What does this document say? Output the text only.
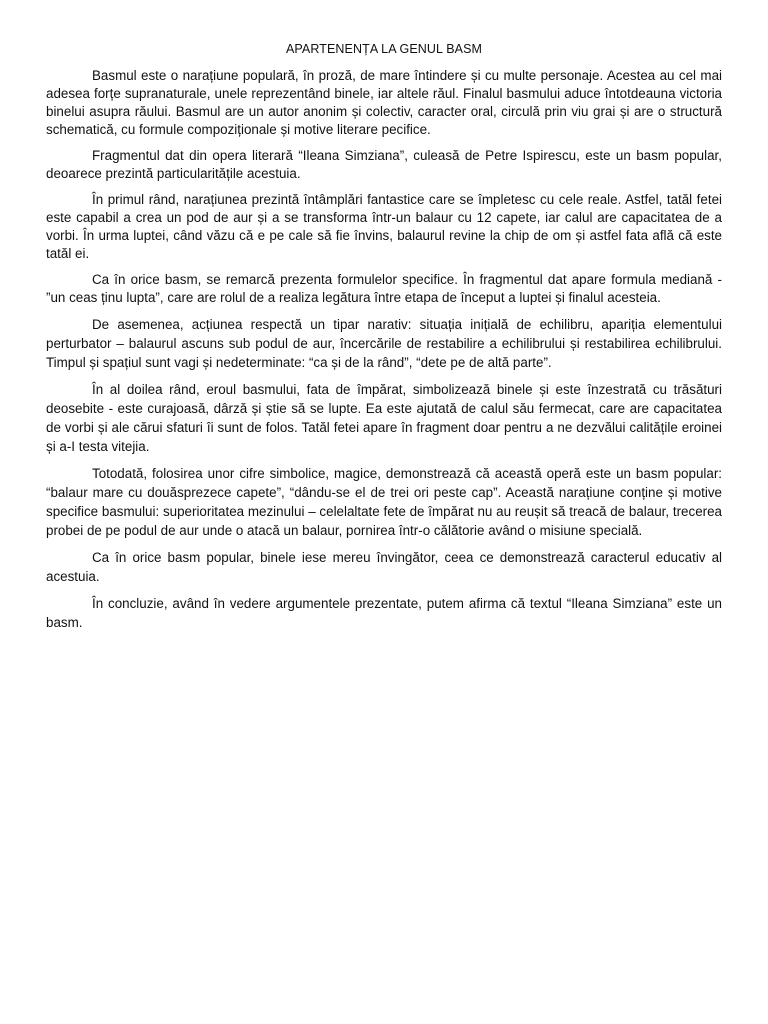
APARTENENȚA LA GENUL BASM

Basmul este o narațiune populară, în proză, de mare întindere și cu multe personaje. Acestea au cel mai adesea forțe supranaturale, unele reprezentând binele, iar altele răul. Finalul basmului aduce întotdeauna victoria binelui asupra răului. Basmul are un autor anonim și colectiv, caracter oral, circulă prin viu grai și are o structură schematică, cu formule compoziționale și motive literare pecifice.

Fragmentul dat din opera literară “Ileana Simziana”, culeasă de Petre Ispirescu, este un basm popular, deoarece prezintă particularitățile acestuia.

În primul rând, narațiunea prezintă întâmplări fantastice care se împletesc cu cele reale. Astfel, tatăl fetei este capabil a crea un pod de aur și a se transforma într-un balaur cu 12 capete, iar calul are capacitatea de a vorbi. În urma luptei, când văzu că e pe cale să fie învins, balaurul revine la chip de om și astfel fata află că este tatăl ei.

Ca în orice basm, se remarcă prezenta formulelor specifice. În fragmentul dat apare formula mediană - ”un ceas ținu lupta”, care are rolul de a realiza legătura între etapa de început a luptei și finalul acesteia.

De asemenea, acțiunea respectă un tipar narativ: situația inițială de echilibru, apariția elementului perturbator – balaurul ascuns sub podul de aur, încercările de restabilire a echilibrului și restabilirea echilibrului. Timpul și spațiul sunt vagi și nedeterminate: “ca și de la rând”, “dete pe de altă parte”.

În al doilea rând, eroul basmului, fata de împărat, simbolizează binele și este înzestrată cu trăsături deosebite - este curajoasă, dârză și știe să se lupte. Ea este ajutată de calul său fermecat, care are capacitatea de vorbi și ale cărui sfaturi îi sunt de folos. Tatăl fetei apare în fragment doar pentru a ne dezvălui calitățile eroinei și a-I testa vitejia.

Totodată, folosirea unor cifre simbolice, magice, demonstrează că această operă este un basm popular: “balaur mare cu douăsprezece capete”, “dându-se el de trei ori peste cap”. Această narațiune conține și motive specifice basmului: superioritatea mezinului – celelaltate fete de împărat nu au reușit să treacă de balaur, trecerea probei de pe podul de aur unde o atacă un balaur, pornirea într-o călătorie având o misiune specială.

Ca în orice basm popular, binele iese mereu învingător, ceea ce demonstrează caracterul educativ al acestuia.

În concluzie, având în vedere argumentele prezentate, putem afirma că textul “Ileana Simziana” este un basm.
